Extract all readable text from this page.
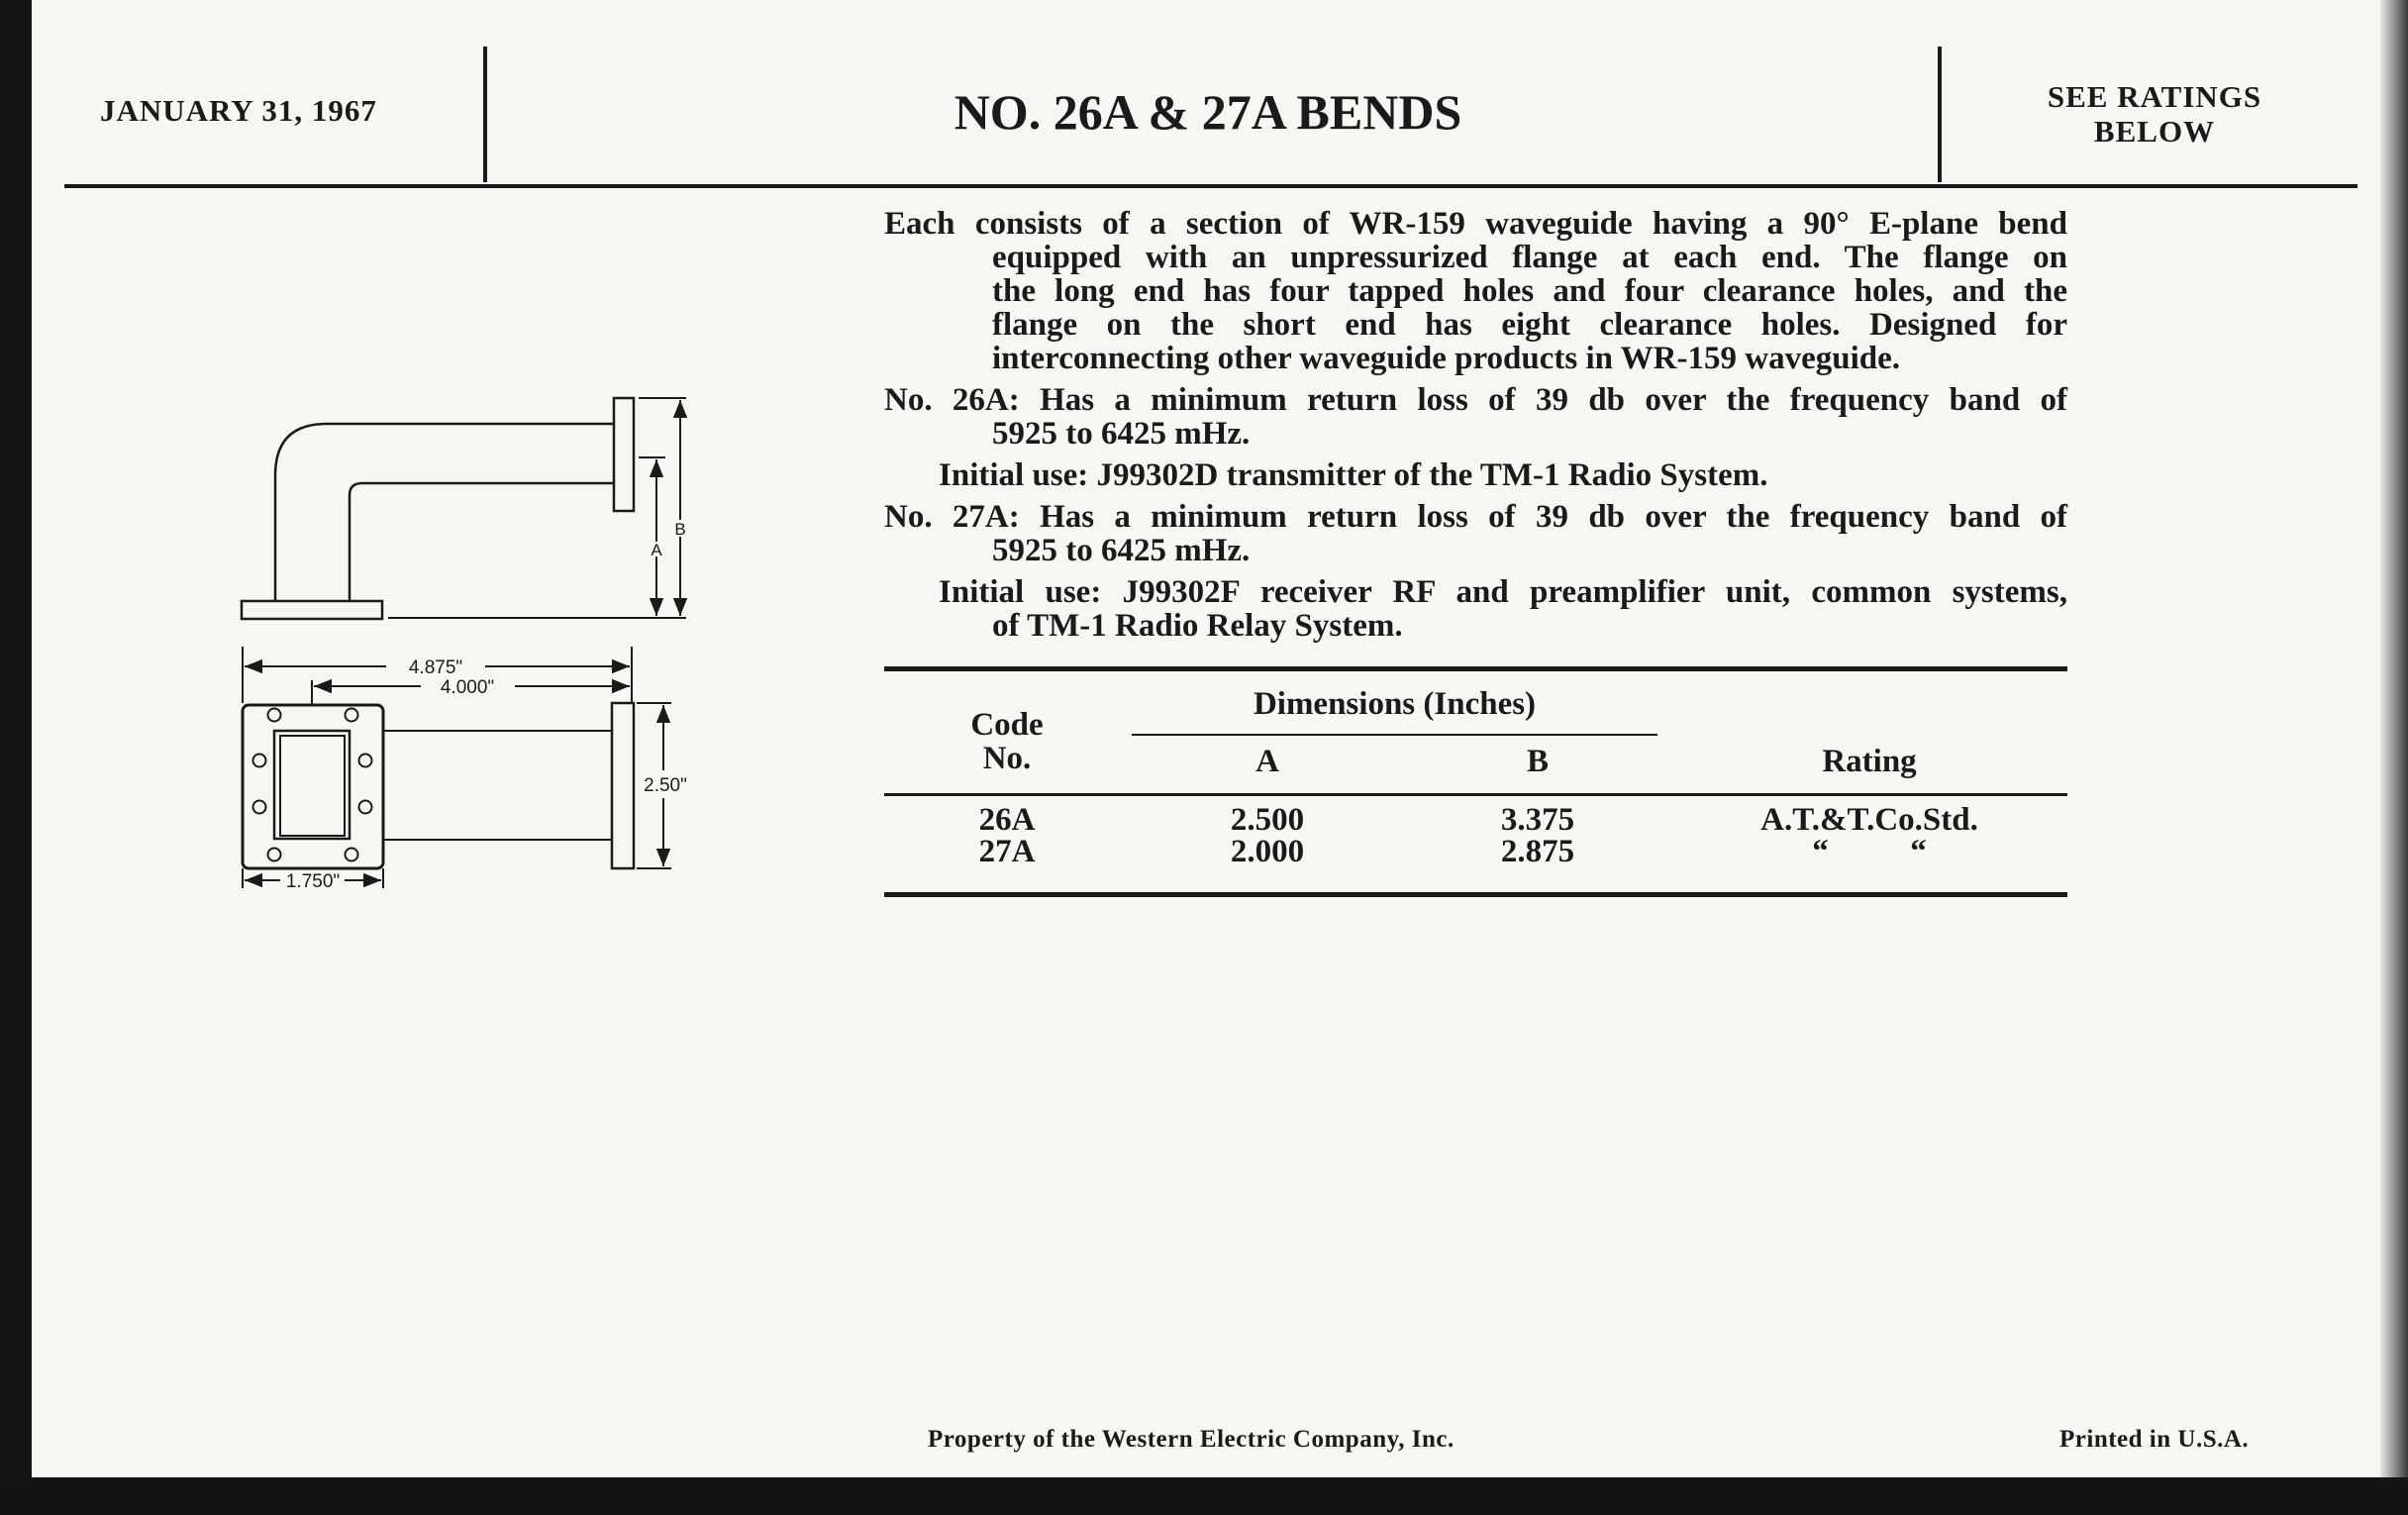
JANUARY 31, 1967	NO. 26A & 27A BENDS	SEE RATINGS
BELOW
Each consists of a section of WR-159 waveguide having a 90° E-plane bend
equipped with an unpressurized flange at each end. The flange on
the long end has four tapped holes and four clearance holes, and the
flange on the short end has eight clearance holes. Designed for
interconnecting other waveguide products in WR-159 waveguide.
No. 26A: Has a minimum return loss of 39 db over the frequency band of
5925 to 6425 mHz.
Initial use: J99302D transmitter of the TM-1 Radio System.
No. 27A: Has a minimum return loss of 39 db over the frequency band of
5925 to 6425 mHz.
Initial use: J99302F receiver RF and preamplifier unit, common systems,
of TM-1 Radio Relay System.
Dimensions (Inches)
Code
No.	A	B	Rating
26A	2.500	3.375	A.T.&T.Co.Std.
27A	2.000	2.875	“          “
A
B
4.875"
4.000"
2.50"
1.750"
Property of the Western Electric Company, Inc.	Printed in U.S.A.
